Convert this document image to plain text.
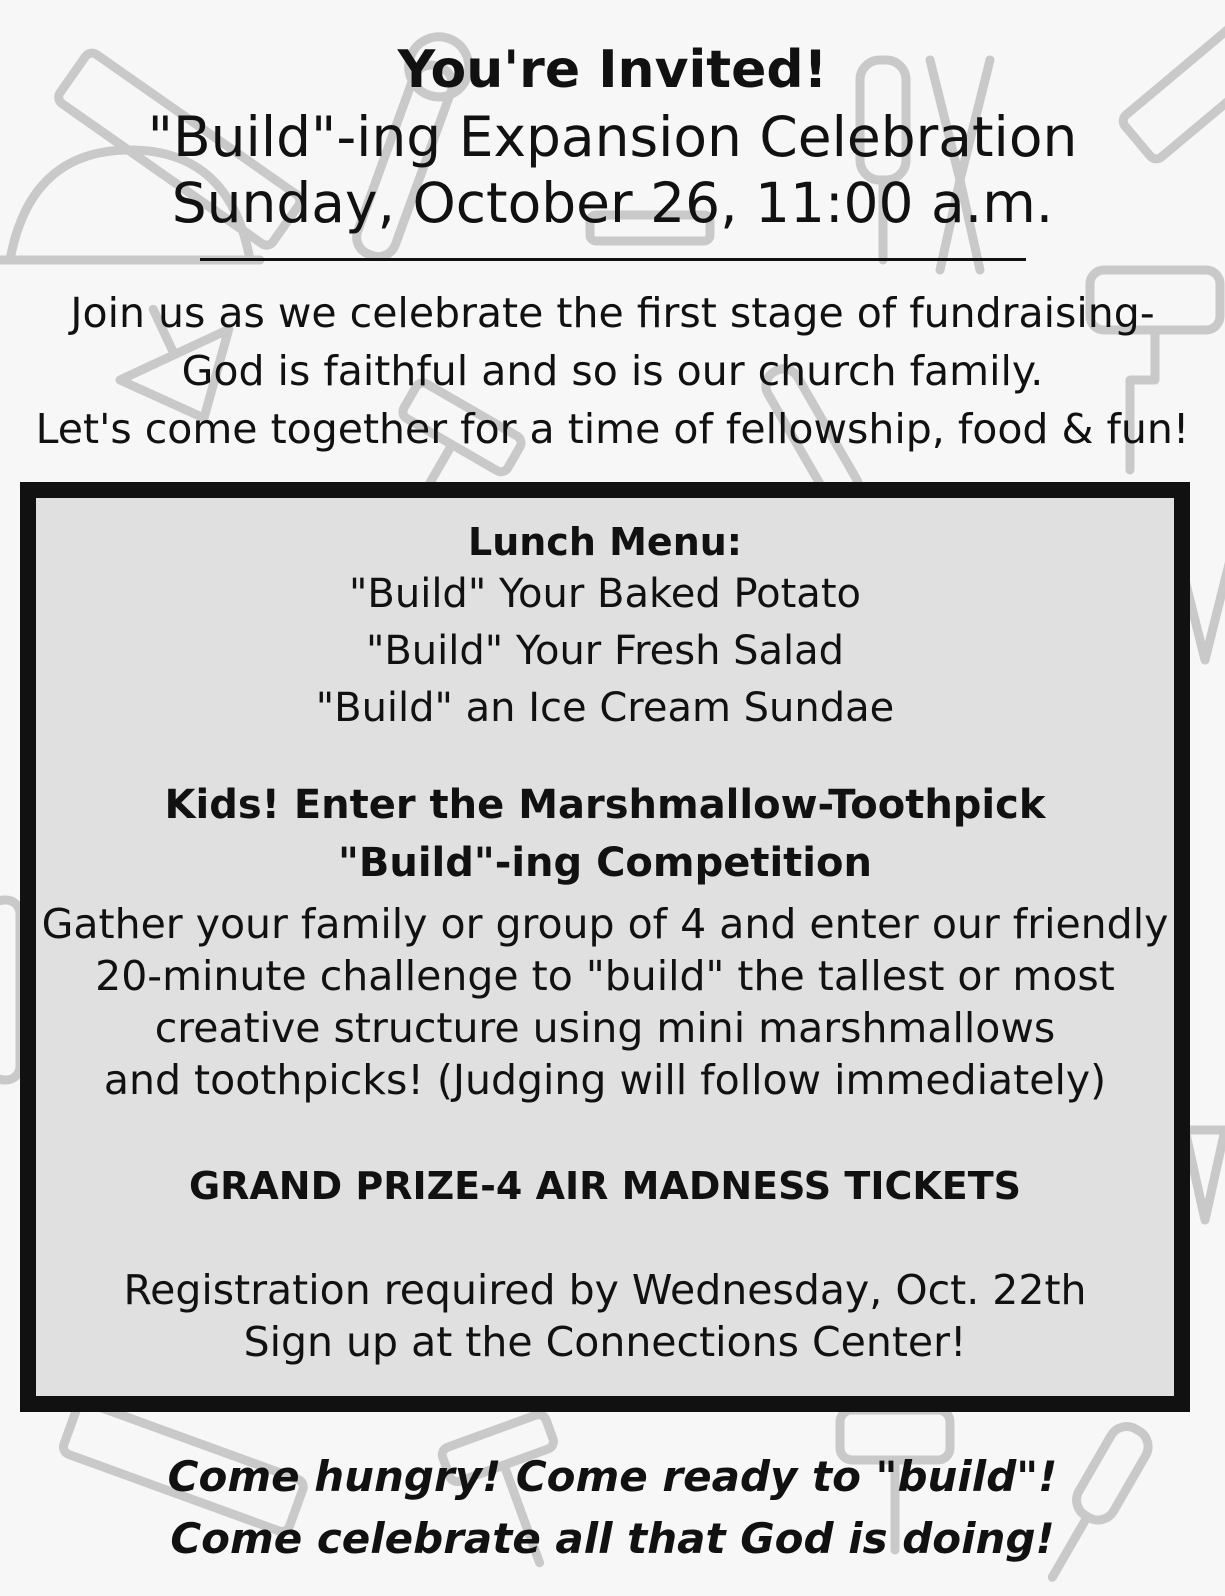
You're Invited!
"Build"-ing Expansion Celebration
Sunday, October 26, 11:00 a.m.
Join us as we celebrate the first stage of fundraising-
God is faithful and so is our church family.
Let's come together for a time of fellowship, food & fun!
Lunch Menu:
"Build" Your Baked Potato
"Build" Your Fresh Salad
"Build" an Ice Cream Sundae
Kids! Enter the Marshmallow-Toothpick
"Build"-ing Competition
Gather your family or group of 4 and enter our friendly
20-minute challenge to "build" the tallest or most
creative structure using mini marshmallows
and toothpicks! (Judging will follow immediately)
GRAND PRIZE-4 AIR MADNESS TICKETS
Registration required by Wednesday, Oct. 22th
Sign up at the Connections Center!
Come hungry! Come ready to "build"!
Come celebrate all that God is doing!
